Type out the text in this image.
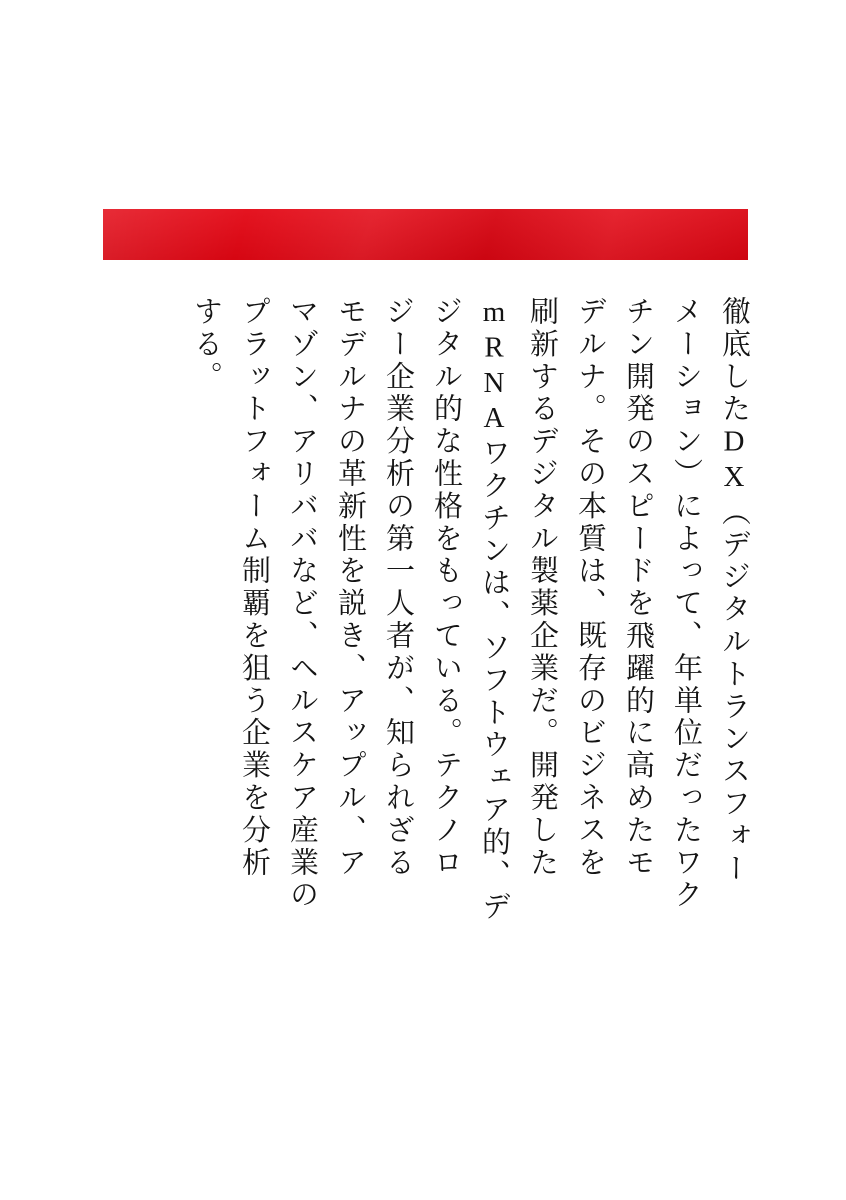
徹底したDX（デジタルトランスフォー
メーション）によって、年単位だったワク
チン開発のスピードを飛躍的に高めたモ
デルナ。その本質は、既存のビジネスを
刷新するデジタル製薬企業だ。開発した
mRNAワクチンは、ソフトウェア的、デ
ジタル的な性格をもっている。テクノロ
ジー企業分析の第一人者が、知られざる
モデルナの革新性を説き、アップル、ア
マゾン、アリババなど、ヘルスケア産業の
プラットフォーム制覇を狙う企業を分析
する。
